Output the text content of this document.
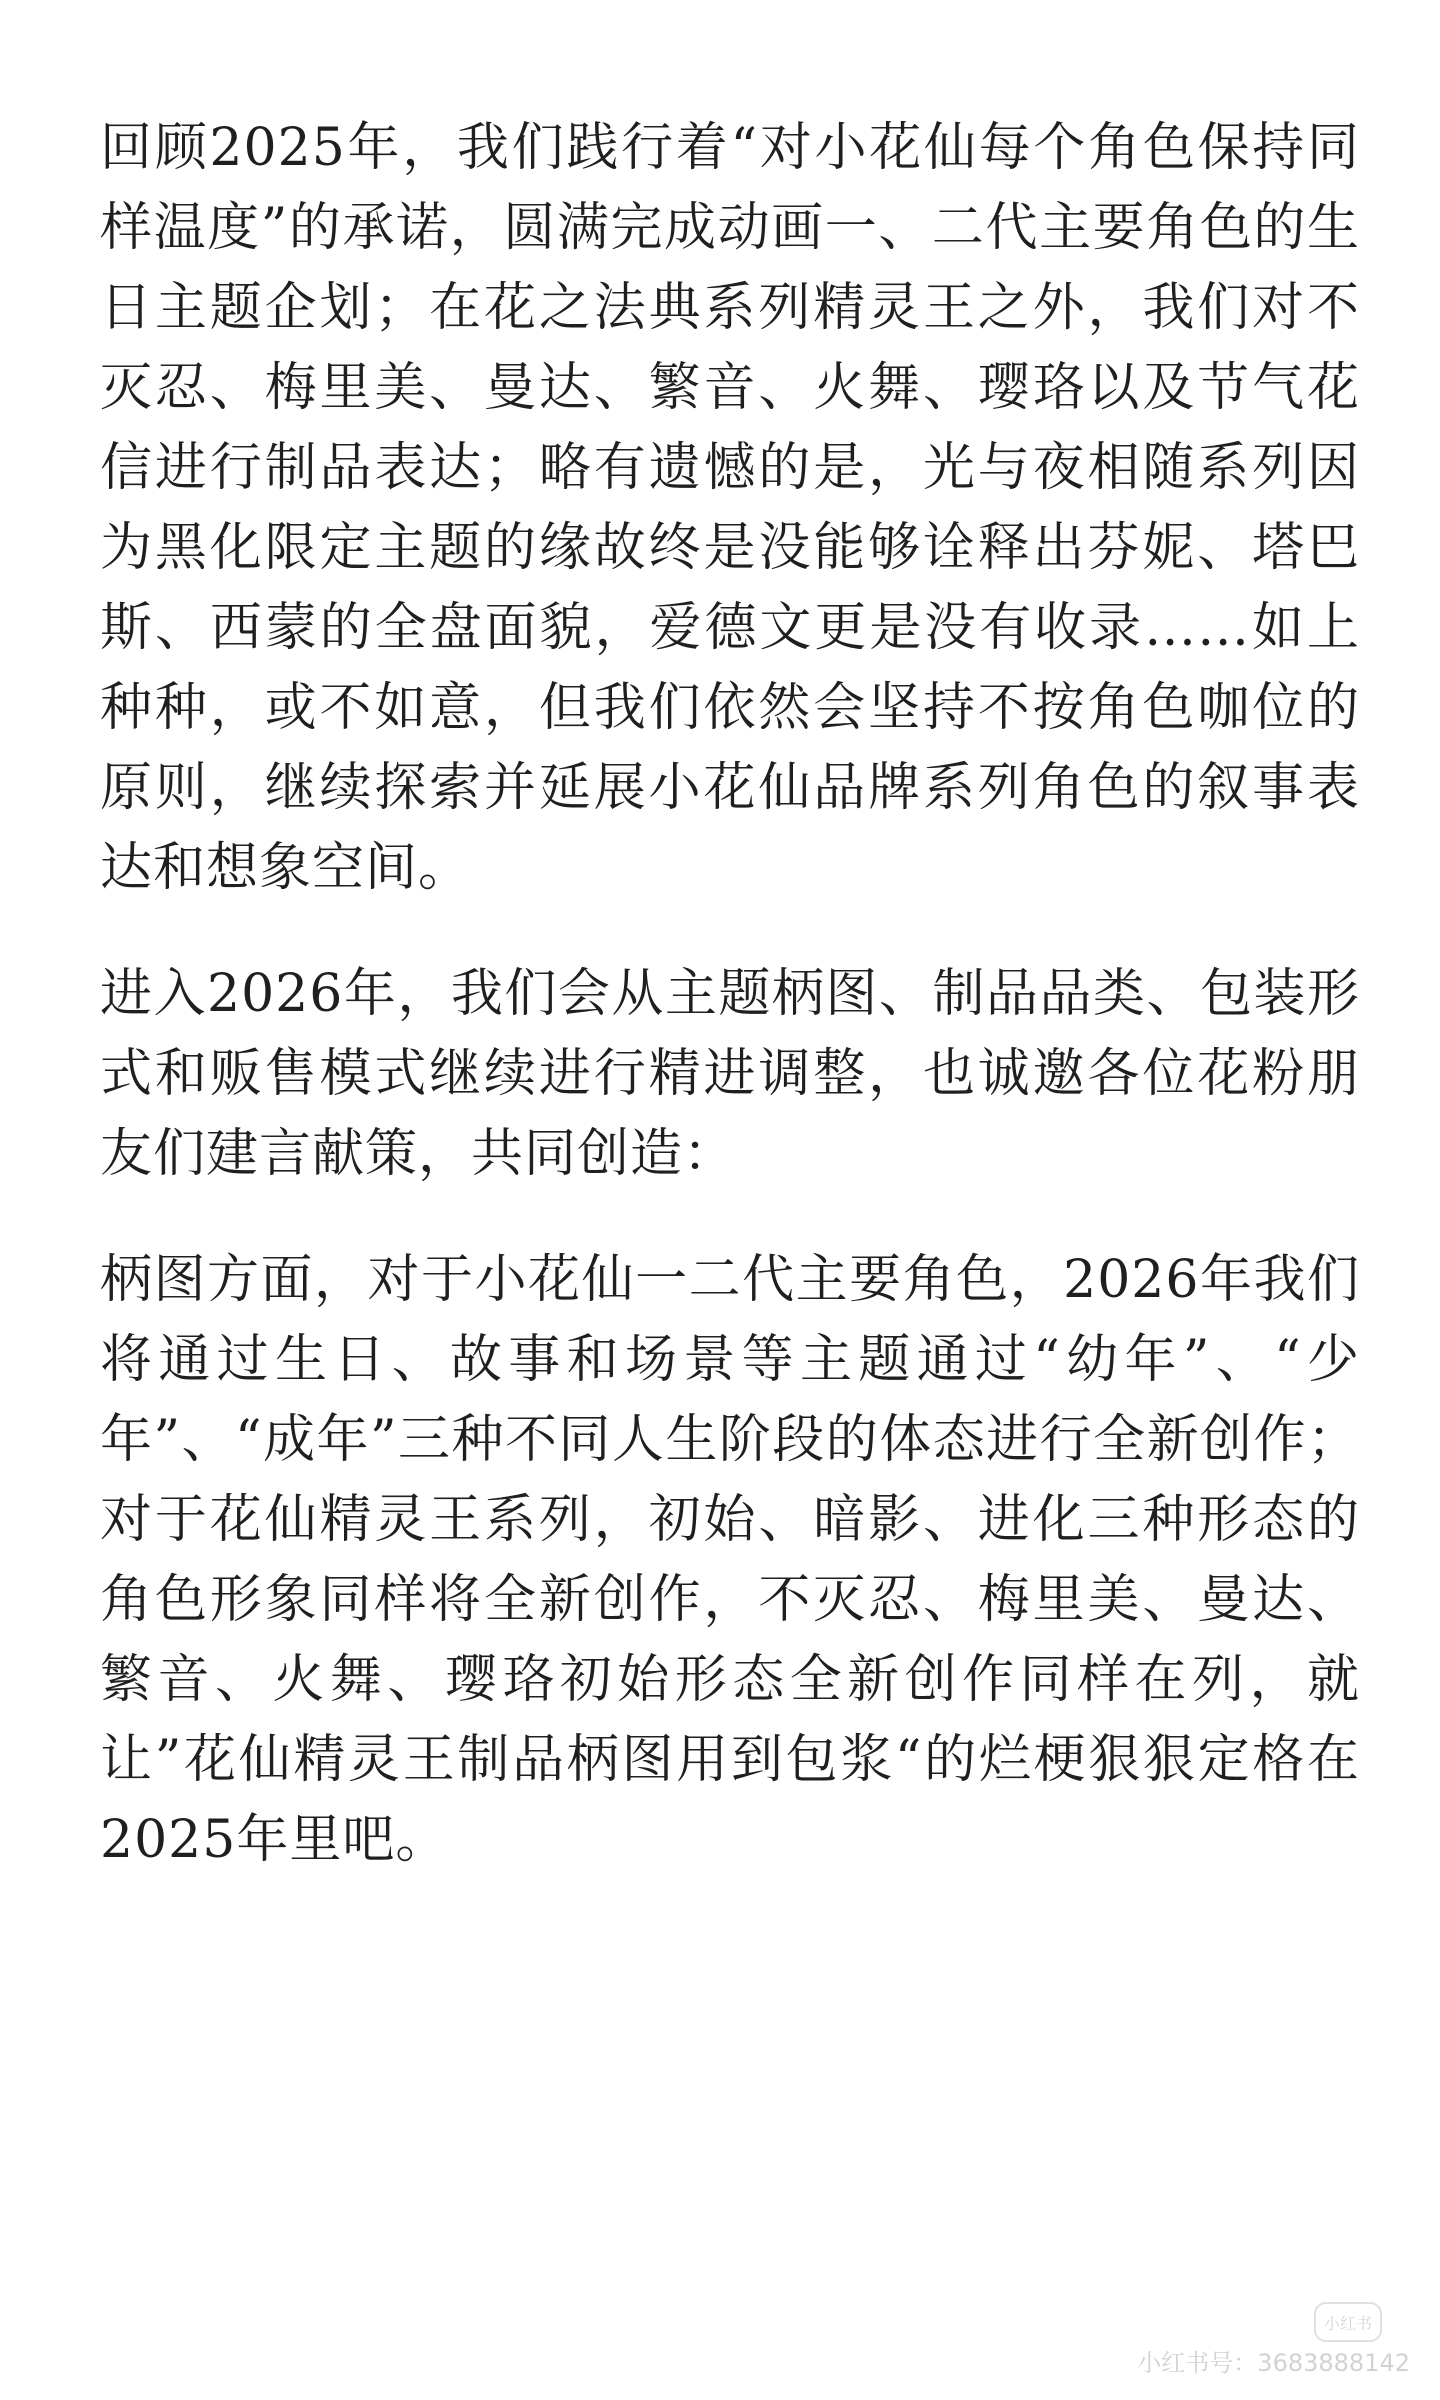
回顾2025年，我们践行着“对小花仙每个角色保持同样温度”的承诺，圆满完成动画一、二代主要角色的生日主题企划；在花之法典系列精灵王之外，我们对不灭忍、梅里美、曼达、繁音、火舞、璎珞以及节气花信进行制品表达；略有遗憾的是，光与夜相随系列因为黑化限定主题的缘故终是没能够诠释出芬妮、塔巴斯、西蒙的全盘面貌，爱德文更是没有收录……如上种种，或不如意，但我们依然会坚持不按角色咖位的原则，继续探索并延展小花仙品牌系列角色的叙事表达和想象空间。

进入2026年，我们会从主题柄图、制品品类、包装形式和贩售模式继续进行精进调整，也诚邀各位花粉朋友们建言献策，共同创造：

柄图方面，对于小花仙一二代主要角色，2026年我们将通过生日、故事和场景等主题通过“幼年”、“少年”、“成年”三种不同人生阶段的体态进行全新创作；对于花仙精灵王系列，初始、暗影、进化三种形态的角色形象同样将全新创作，不灭忍、梅里美、曼达、繁音、火舞、璎珞初始形态全新创作同样在列，就让”花仙精灵王制品柄图用到包浆“的烂梗狠狠定格在2025年里吧。

小红书
小红书号：3683888142
